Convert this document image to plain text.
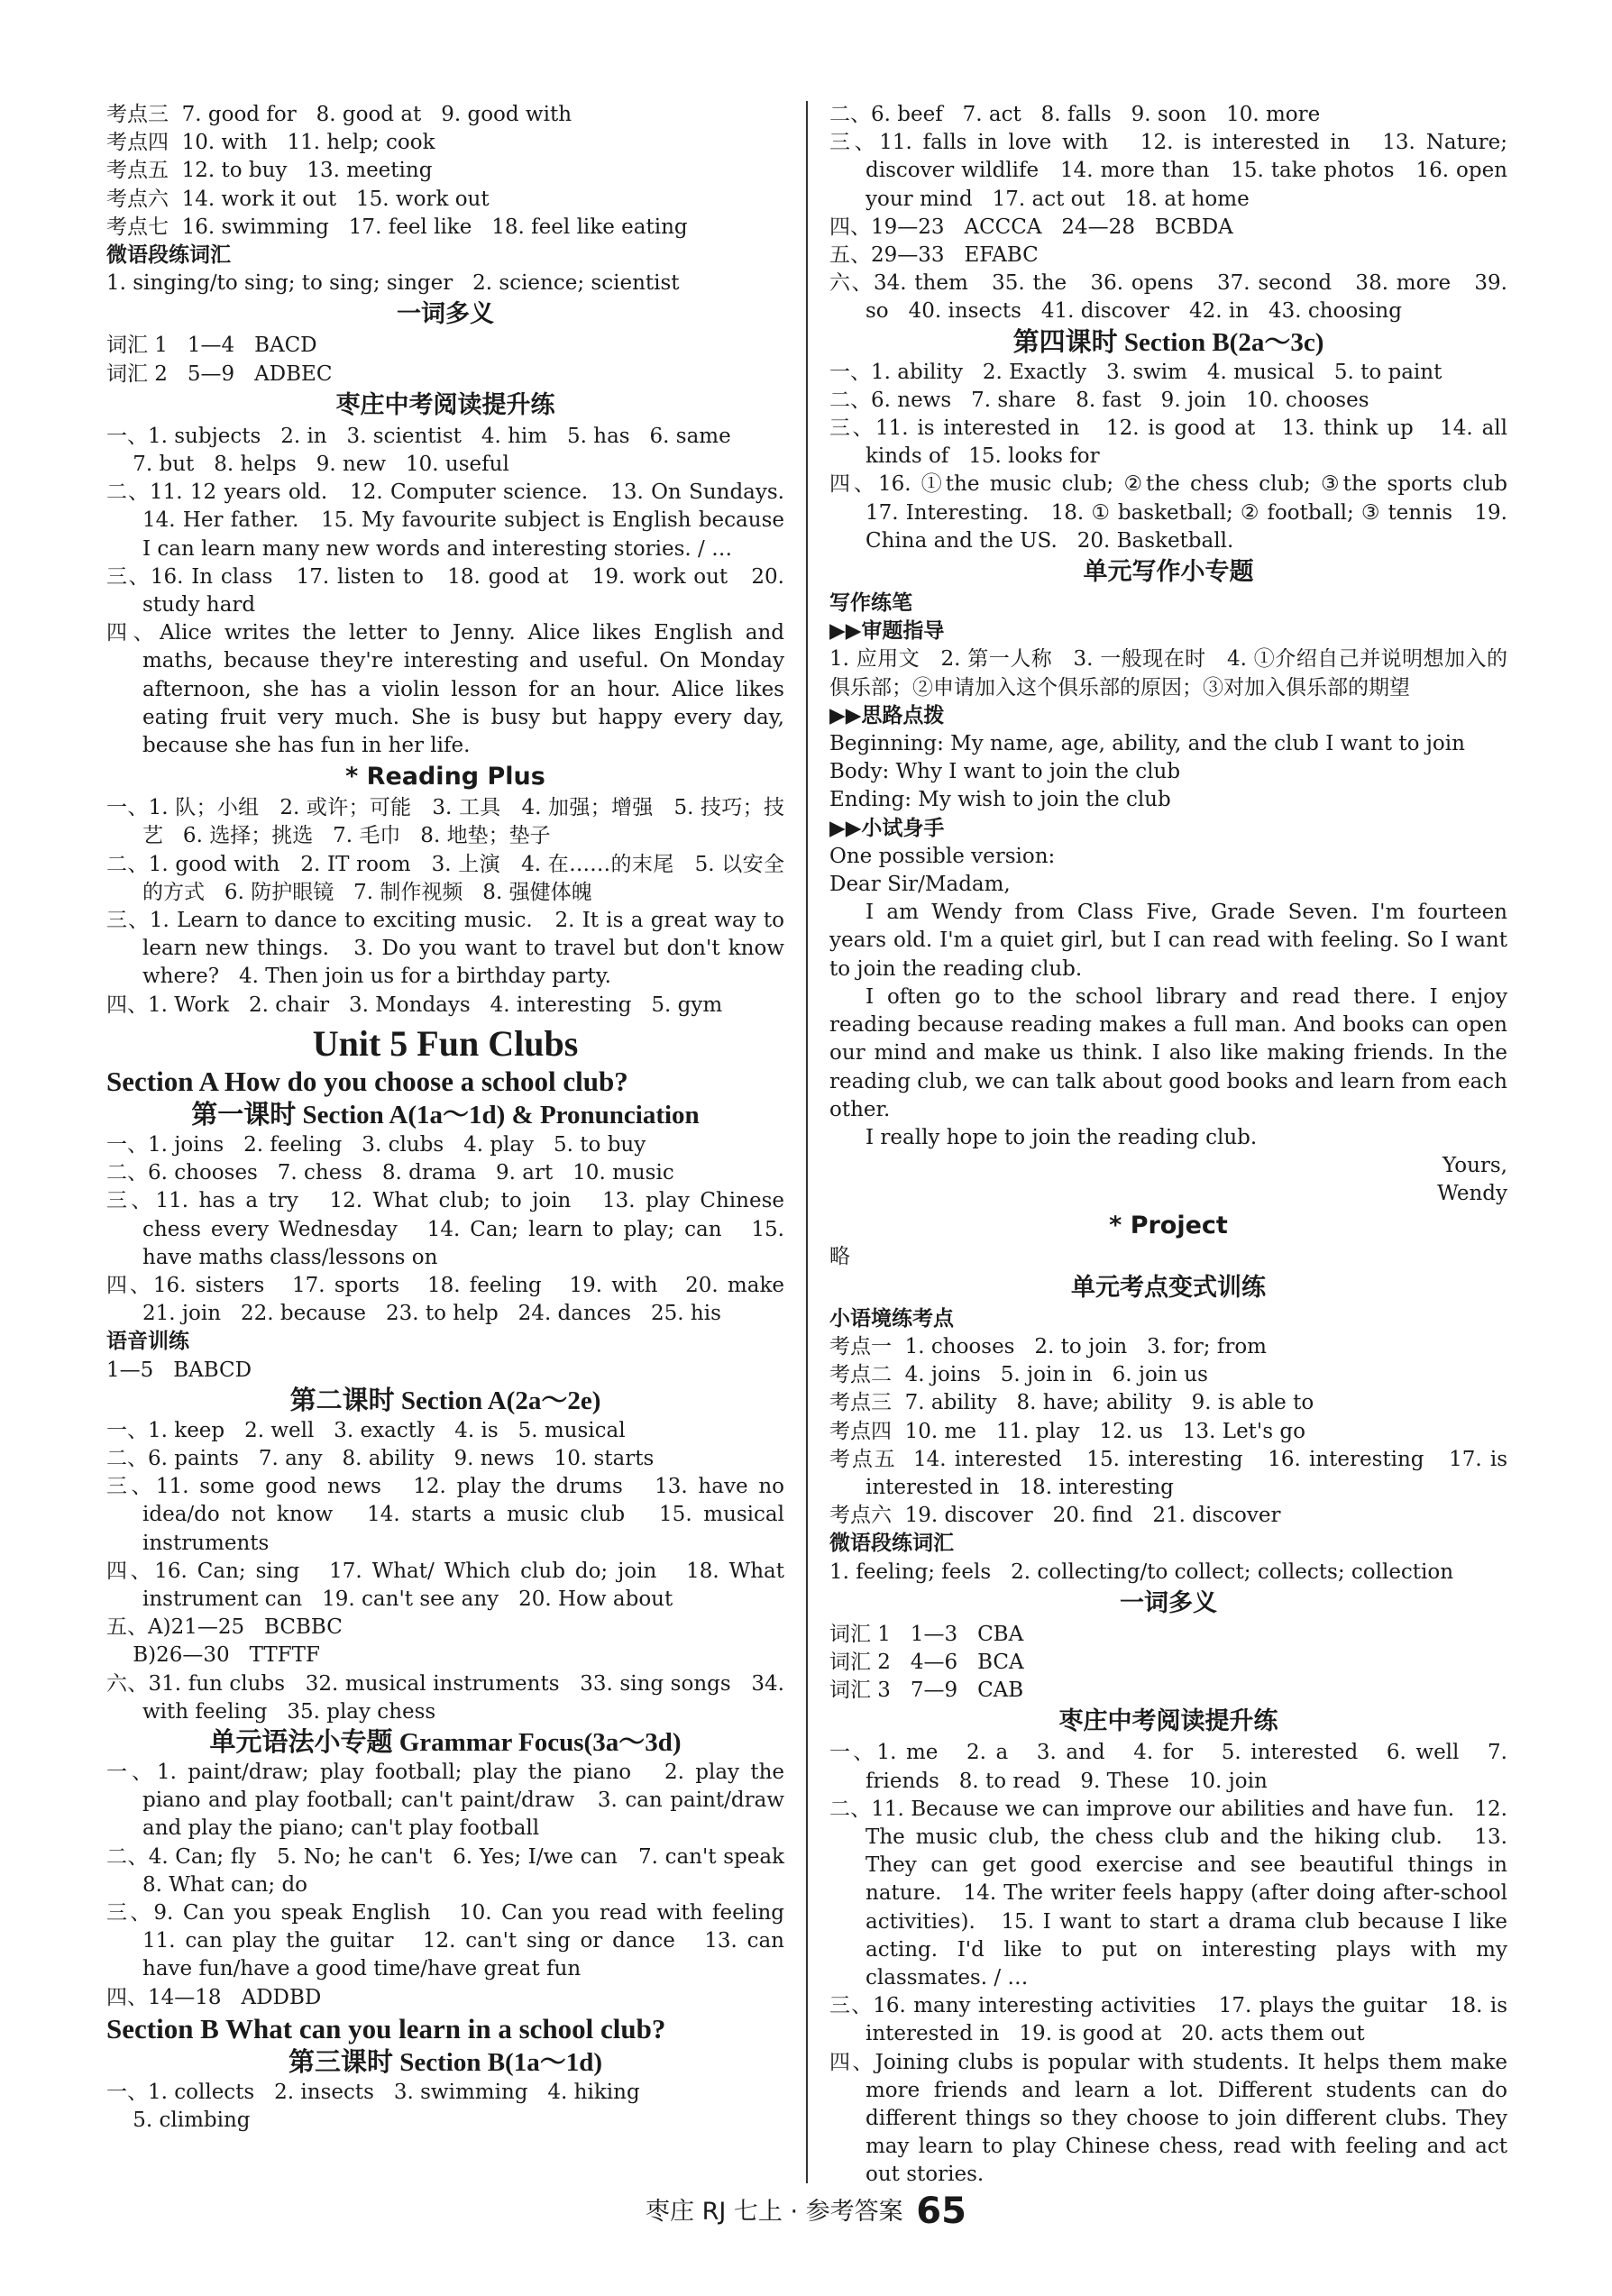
考点三  7. good for   8. good at   9. good with
考点四  10. with   11. help; cook
考点五  12. to buy   13. meeting
考点六  14. work it out   15. work out
考点七  16. swimming   17. feel like   18. feel like eating
微语段练词汇
1. singing/to sing; to sing; singer   2. science; scientist
一词多义
词汇 1   1—4   BACD
词汇 2   5—9   ADBEC
枣庄中考阅读提升练
一、1. subjects   2. in   3. scientist   4. him   5. has   6. same
7. but   8. helps   9. new   10. useful
二、11. 12 years old.   12. Computer science.   13. On Sundays.   14. Her father.   15. My favourite subject is English because I can learn many new words and interesting stories. / …
三、16. In class   17. listen to   18. good at   19. work out   20. study hard
四、Alice writes the letter to Jenny. Alice likes English and maths, because they're interesting and useful. On Monday afternoon, she has a violin lesson for an hour. Alice likes eating fruit very much. She is busy but happy every day, because she has fun in her life.
* Reading Plus
一、1. 队；小组   2. 或许；可能   3. 工具   4. 加强；增强   5. 技巧；技艺   6. 选择；挑选   7. 毛巾   8. 地垫；垫子
二、1. good with   2. IT room   3. 上演   4. 在……的末尾   5. 以安全的方式   6. 防护眼镜   7. 制作视频   8. 强健体魄
三、1. Learn to dance to exciting music.   2. It is a great way to learn new things.   3. Do you want to travel but don't know where?   4. Then join us for a birthday party.
四、1. Work   2. chair   3. Mondays   4. interesting   5. gym
Unit 5 Fun Clubs
Section A How do you choose a school club?
第一课时 Section A(1a～1d) & Pronunciation
一、1. joins   2. feeling   3. clubs   4. play   5. to buy
二、6. chooses   7. chess   8. drama   9. art   10. music
三、11. has a try   12. What club; to join   13. play Chinese chess every Wednesday   14. Can; learn to play; can   15. have maths class/lessons on
四、16. sisters   17. sports   18. feeling   19. with   20. make   21. join   22. because   23. to help   24. dances   25. his
语音训练
1—5   BABCD
第二课时 Section A(2a～2e)
一、1. keep   2. well   3. exactly   4. is   5. musical
二、6. paints   7. any   8. ability   9. news   10. starts
三、11. some good news   12. play the drums   13. have no idea/do not know   14. starts a music club   15. musical instruments
四、16. Can; sing   17. What/ Which club do; join   18. What instrument can   19. can't see any   20. How about
五、A)21—25   BCBBC
B)26—30   TTFTF
六、31. fun clubs   32. musical instruments   33. sing songs   34. with feeling   35. play chess
单元语法小专题 Grammar Focus(3a～3d)
一、1. paint/draw; play football; play the piano   2. play the piano and play football; can't paint/draw   3. can paint/draw and play the piano; can't play football
二、4. Can; fly   5. No; he can't   6. Yes; I/we can   7. can't speak   8. What can; do
三、9. Can you speak English   10. Can you read with feeling   11. can play the guitar   12. can't sing or dance   13. can have fun/have a good time/have great fun
四、14—18   ADDBD
Section B What can you learn in a school club?
第三课时 Section B(1a～1d)
一、1. collects   2. insects   3. swimming   4. hiking
5. climbing
二、6. beef   7. act   8. falls   9. soon   10. more
三、11. falls in love with   12. is interested in   13. Nature; discover wildlife   14. more than   15. take photos   16. open your mind   17. act out   18. at home
四、19—23   ACCCA   24—28   BCBDA
五、29—33   EFABC
六、34. them   35. the   36. opens   37. second   38. more   39. so   40. insects   41. discover   42. in   43. choosing
第四课时 Section B(2a～3c)
一、1. ability   2. Exactly   3. swim   4. musical   5. to paint
二、6. news   7. share   8. fast   9. join   10. chooses
三、11. is interested in   12. is good at   13. think up   14. all kinds of   15. looks for
四、16. ①the music club; ②the chess club; ③the sports club   17. Interesting.   18. ① basketball; ② football; ③ tennis   19. China and the US.   20. Basketball.
单元写作小专题
写作练笔
▶▶审题指导
1. 应用文   2. 第一人称   3. 一般现在时   4. ①介绍自己并说明想加入的俱乐部；②申请加入这个俱乐部的原因；③对加入俱乐部的期望
▶▶思路点拨
Beginning: My name, age, ability, and the club I want to join
Body: Why I want to join the club
Ending: My wish to join the club
▶▶小试身手
One possible version:
Dear Sir/Madam,
I am Wendy from Class Five, Grade Seven. I'm fourteen years old. I'm a quiet girl, but I can read with feeling. So I want to join the reading club.
I often go to the school library and read there. I enjoy reading because reading makes a full man. And books can open our mind and make us think. I also like making friends. In the reading club, we can talk about good books and learn from each other.
I really hope to join the reading club.
Yours,
Wendy
* Project
略
单元考点变式训练
小语境练考点
考点一  1. chooses   2. to join   3. for; from
考点二  4. joins   5. join in   6. join us
考点三  7. ability   8. have; ability   9. is able to
考点四  10. me   11. play   12. us   13. Let's go
考点五  14. interested   15. interesting   16. interesting   17. is interested in   18. interesting
考点六  19. discover   20. find   21. discover
微语段练词汇
1. feeling; feels   2. collecting/to collect; collects; collection
一词多义
词汇 1   1—3   CBA
词汇 2   4—6   BCA
词汇 3   7—9   CAB
枣庄中考阅读提升练
一、1. me   2. a   3. and   4. for   5. interested   6. well   7. friends   8. to read   9. These   10. join
二、11. Because we can improve our abilities and have fun.   12. The music club, the chess club and the hiking club.   13. They can get good exercise and see beautiful things in nature.   14. The writer feels happy (after doing after-school activities).   15. I want to start a drama club because I like acting. I'd like to put on interesting plays with my classmates. / …
三、16. many interesting activities   17. plays the guitar   18. is interested in   19. is good at   20. acts them out
四、Joining clubs is popular with students. It helps them make more friends and learn a lot. Different students can do different things so they choose to join different clubs. They may learn to play Chinese chess, read with feeling and act out stories.
枣庄 RJ 七上 · 参考答案 65
